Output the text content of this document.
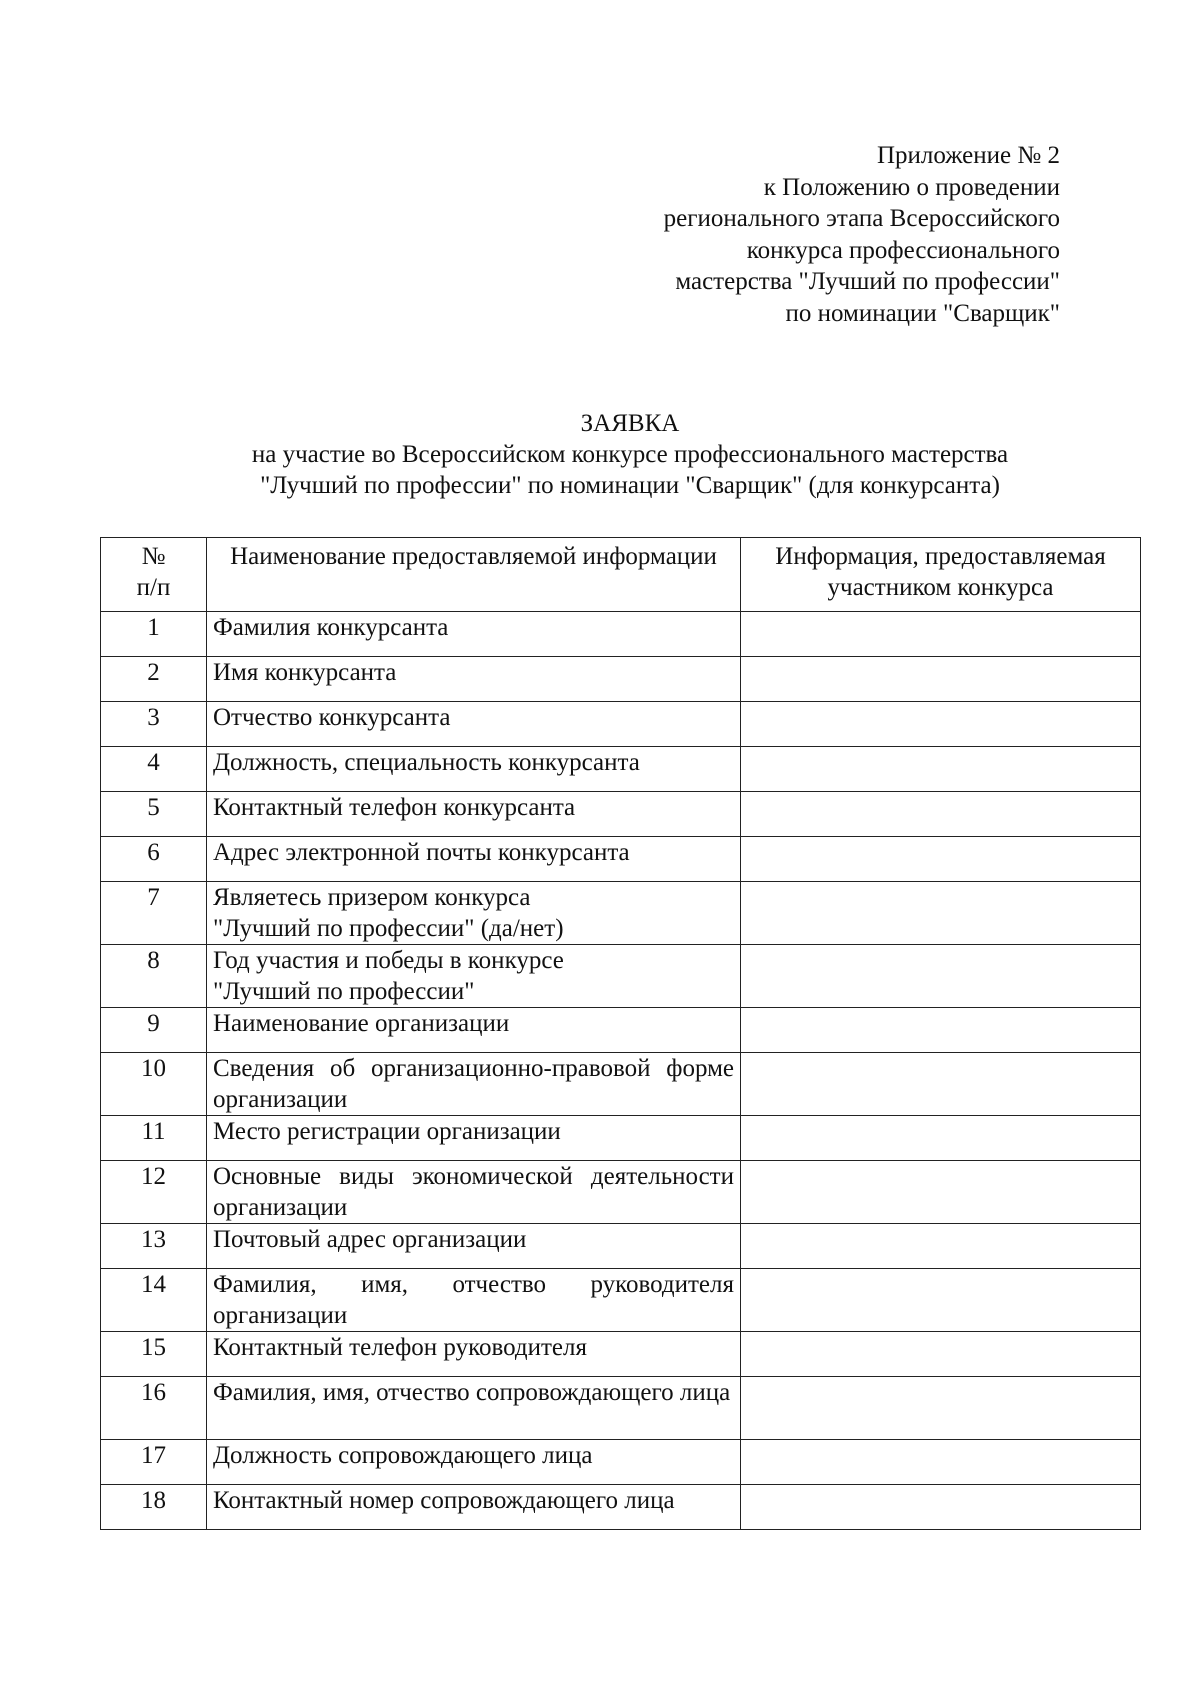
Приложение № 2
к Положению о проведении
регионального этапа Всероссийского
конкурса профессионального
мастерства "Лучший по профессии"
по номинации "Сварщик"
ЗАЯВКА
на участие во Всероссийском конкурсе профессионального мастерства
"Лучший по профессии" по номинации "Сварщик" (для конкурсанта)
№
п/п	Наименование предоставляемой информации	Информация, предоставляемая участником конкурса
1	Фамилия конкурсанта	
2	Имя конкурсанта	
3	Отчество конкурсанта	
4	Должность, специальность конкурсанта	
5	Контактный телефон конкурсанта	
6	Адрес электронной почты конкурсанта	
7	Являетесь призером конкурса
"Лучший по профессии" (да/нет)	

8	Год участия и победы в конкурсе
"Лучший по профессии"	

9	Наименование организации	
10	Сведения об организационно-правовой форме организации	
11	Место регистрации организации	
12	Основные виды экономической деятельности организации	
13	Почтовый адрес организации	
14	Фамилия, имя, отчество руководителя организации	
15	Контактный телефон руководителя	
16	Фамилия, имя, отчество сопровождающего лица	
17	Должность сопровождающего лица	
18	Контактный номер сопровождающего лица	
